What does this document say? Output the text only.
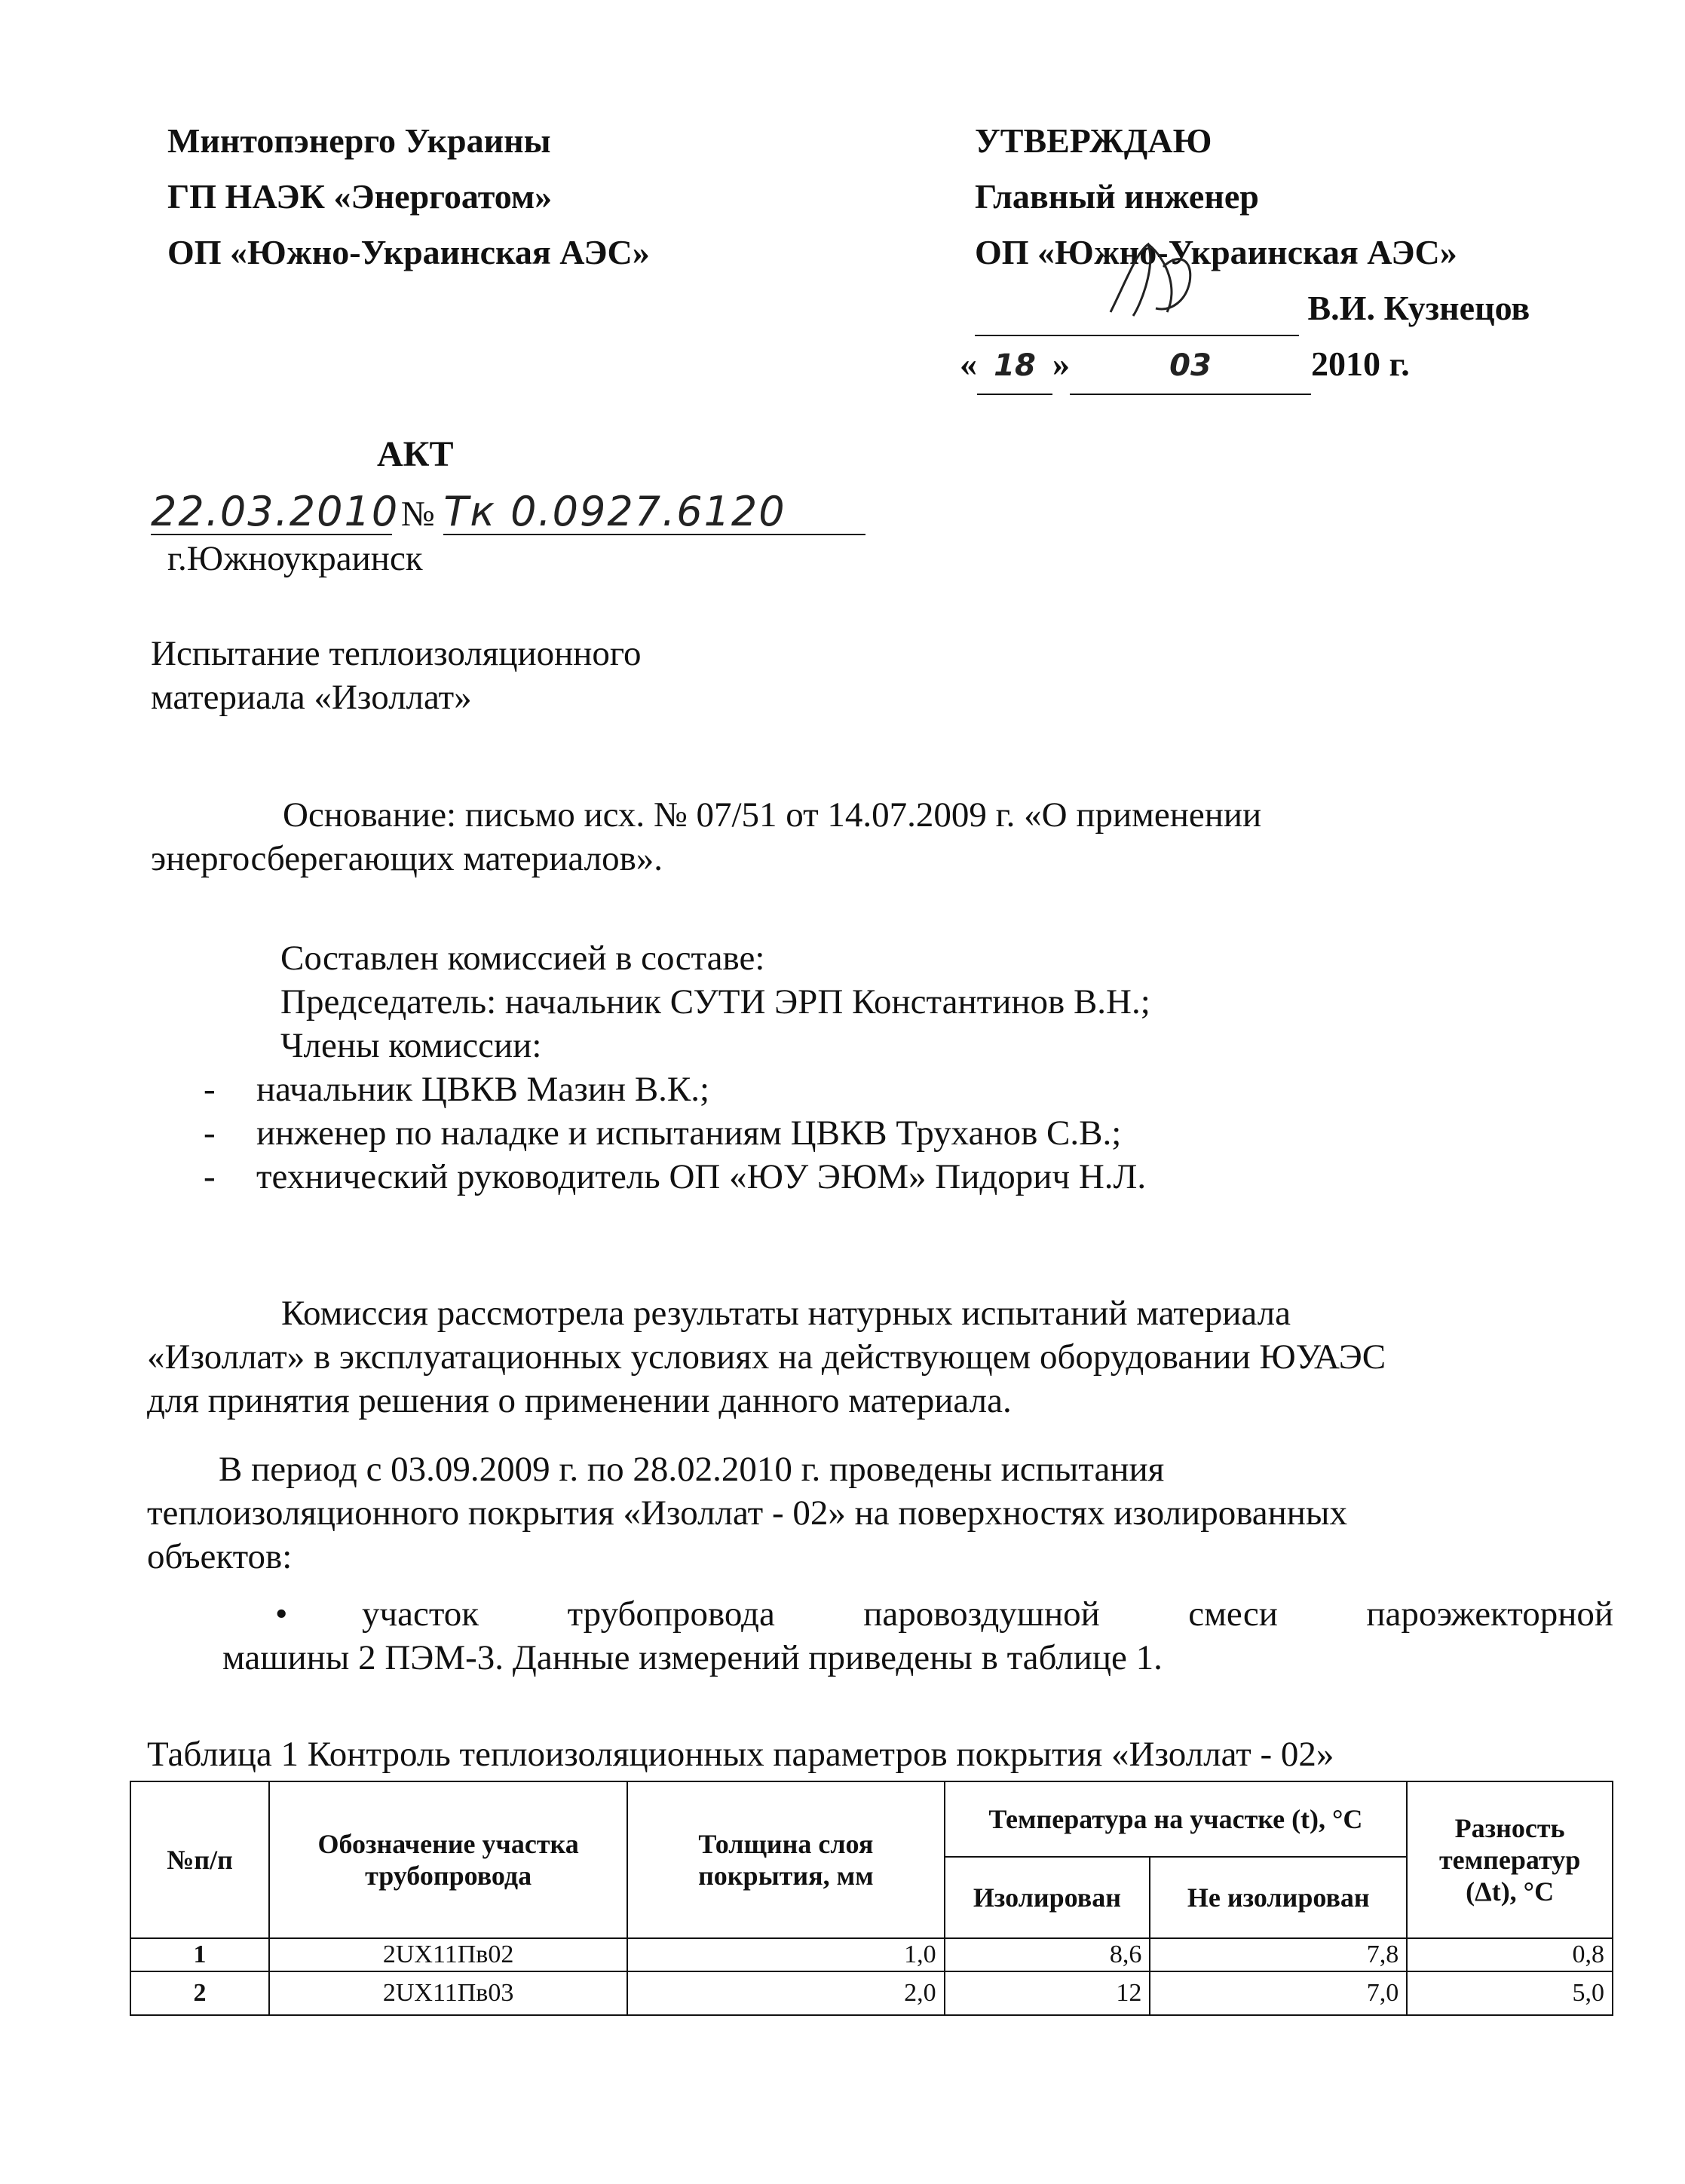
Минтопэнерго Украины
ГП НАЭК «Энергоатом»
ОП «Южно-Украинская АЭС»
УТВЕРЖДАЮ
Главный инженер
ОП «Южно-Украинская АЭС»
В.И. Кузнецов
« 18 »	03	2010 г.
АКТ
22.03.2010 № Тк 0.0927.6120
г.Южноукраинск
Испытание теплоизоляционного
материала «Изоллат»
Основание: письмо исх. № 07/51 от 14.07.2009 г. «О применении
энергосберегающих материалов».
Составлен комиссией в составе:
Председатель: начальник СУТИ ЭРП Константинов В.Н.;
Члены комиссии:
- начальник ЦВКВ Мазин В.К.;
- инженер по наладке и испытаниям ЦВКВ Труханов С.В.;
- технический руководитель ОП «ЮУ ЭЮМ» Пидорич Н.Л.
Комиссия рассмотрела результаты натурных испытаний материала
«Изоллат» в эксплуатационных условиях на действующем оборудовании ЮУАЭС
для принятия решения о применении данного материала.
В период с 03.09.2009 г. по 28.02.2010 г. проведены испытания
теплоизоляционного покрытия «Изоллат - 02» на поверхностях изолированных
объектов:
• участок трубопровода паровоздушной смеси пароэжекторной
машины 2 ПЭМ-3. Данные измерений приведены в таблице 1.
Таблица 1 Контроль теплоизоляционных параметров покрытия «Изоллат - 02»
№п/п	Обозначение участка трубопровода	Толщина слоя покрытия, мм	Температура на участке (t), °С		Разность температур (Δt), °С
			Изолирован	Не изолирован	
1	2UX11Пв02	1,0	8,6	7,8	0,8
2	2UX11Пв03	2,0	12	7,0	5,0
